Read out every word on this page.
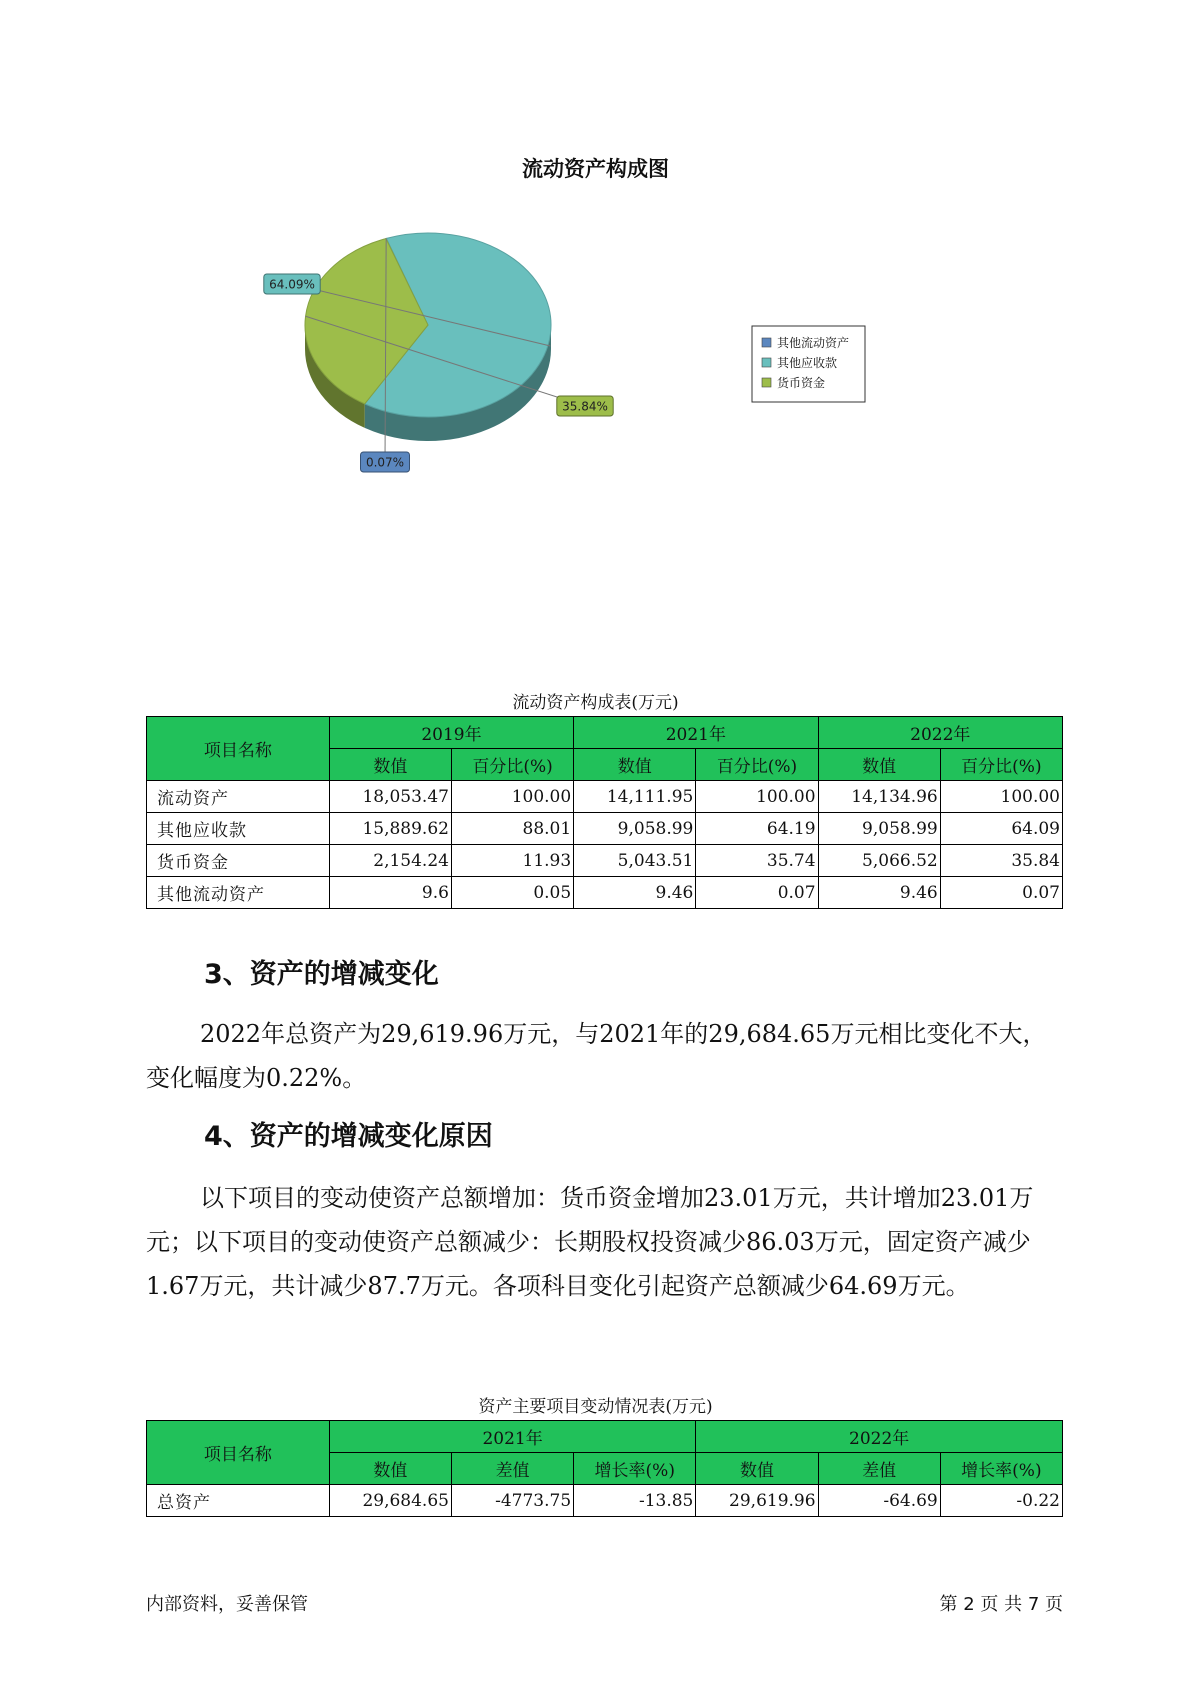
流动资产构成图
0.07%
64.09%
35.84%
其他流动资产
其他应收款
货币资金
流动资产构成表(万元)
项目名称	2019年		2021年		2022年	
	数值	百分比(%)	数值	百分比(%)	数值	百分比(%)
流动资产	18,053.47	100.00	14,111.95	100.00	14,134.96	100.00
其他应收款	15,889.62	88.01	9,058.99	64.19	9,058.99	64.09
货币资金	2,154.24	11.93	5,043.51	35.74	5,066.52	35.84
其他流动资产	9.6	0.05	9.46	0.07	9.46	0.07
3、资产的增减变化

2022年总资产为29,619.96万元，与2021年的29,684.65万元相比变化不大，变化幅度为0.22%。

4、资产的增减变化原因

以下项目的变动使资产总额增加：货币资金增加23.01万元，共计增加23.01万元；以下项目的变动使资产总额减少：长期股权投资减少86.03万元，固定资产减少1.67万元，共计减少87.7万元。各项科目变化引起资产总额减少64.69万元。

资产主要项目变动情况表(万元)
项目名称	2021年			2022年		
	数值	差值	增长率(%)	数值	差值	增长率(%)
总资产	29,684.65	-4773.75	-13.85	29,619.96	-64.69	-0.22
内部资料，妥善保管	第 2 页 共 7 页
